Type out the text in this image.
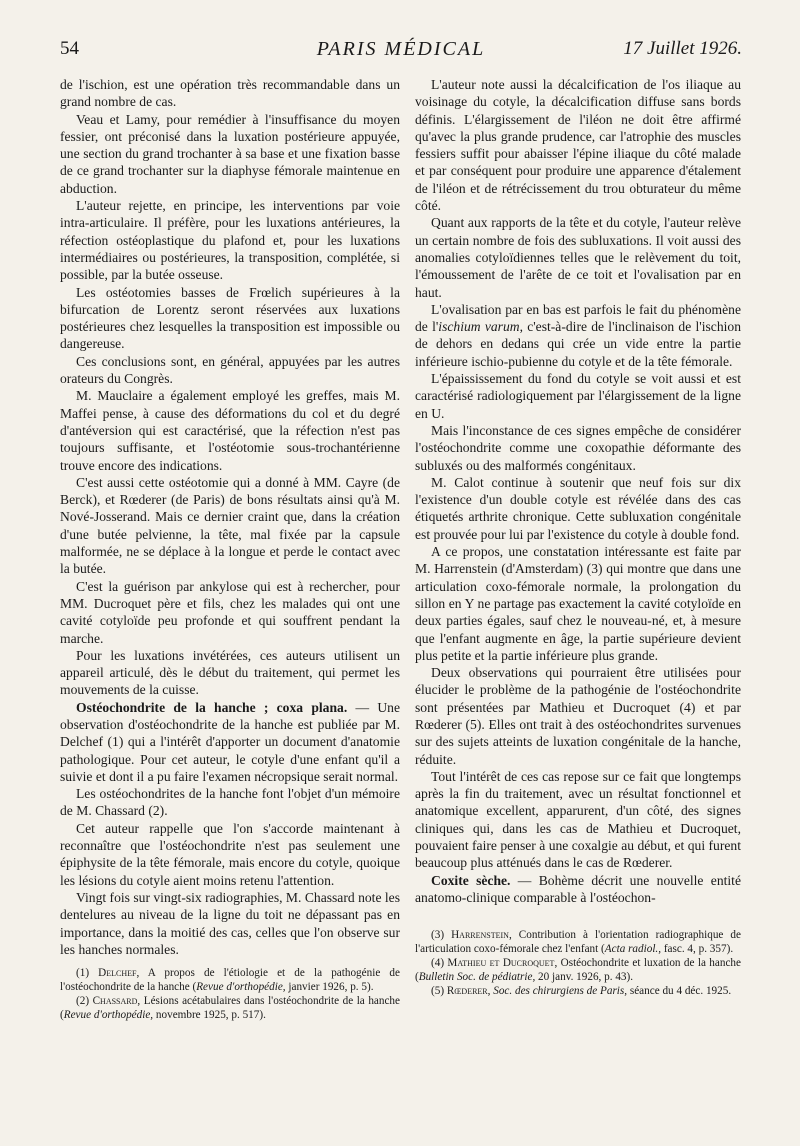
54	PARIS MÉDICAL	17 Juillet 1926.

de l'ischion, est une opération très recommandable dans un grand nombre de cas.

Veau et Lamy, pour remédier à l'insuffisance du moyen fessier, ont préconisé dans la luxation postérieure appuyée, une section du grand trochanter à sa base et une fixation basse de ce grand trochanter sur la diaphyse fémorale maintenue en abduction.

L'auteur rejette, en principe, les interventions par voie intra-articulaire. Il préfère, pour les luxations antérieures, la réfection ostéoplastique du plafond et, pour les luxations intermédiaires ou postérieures, la transposition, complétée, si possible, par la butée osseuse.

Les ostéotomies basses de Frœlich supérieures à la bifurcation de Lorentz seront réservées aux luxations postérieures chez lesquelles la transposition est impossible ou dangereuse.

Ces conclusions sont, en général, appuyées par les autres orateurs du Congrès.

M. Mauclaire a également employé les greffes, mais M. Maffei pense, à cause des déformations du col et du degré d'antéversion qui est caractérisé, que la réfection n'est pas toujours suffisante, et l'ostéotomie sous-trochantérienne trouve encore des indications.

C'est aussi cette ostéotomie qui a donné à MM. Cayre (de Berck), et Rœderer (de Paris) de bons résultats ainsi qu'à M. Nové-Josserand. Mais ce dernier craint que, dans la création d'une butée pelvienne, la tête, mal fixée par la capsule malformée, ne se déplace à la longue et perde le contact avec la butée.

C'est la guérison par ankylose qui est à rechercher, pour MM. Ducroquet père et fils, chez les malades qui ont une cavité cotyloïde peu profonde et qui souffrent pendant la marche.

Pour les luxations invétérées, ces auteurs utilisent un appareil articulé, dès le début du traitement, qui permet les mouvements de la cuisse.

Ostéochondrite de la hanche ; coxa plana. — Une observation d'ostéochondrite de la hanche est publiée par M. Delchef (1) qui a l'intérêt d'apporter un document d'anatomie pathologique. Pour cet auteur, le cotyle d'une enfant qu'il a suivie et dont il a pu faire l'examen nécropsique serait normal.

Les ostéochondrites de la hanche font l'objet d'un mémoire de M. Chassard (2).

Cet auteur rappelle que l'on s'accorde maintenant à reconnaître que l'ostéochondrite n'est pas seulement une épiphysite de la tête fémorale, mais encore du cotyle, quoique les lésions du cotyle aient moins retenu l'attention.

Vingt fois sur vingt-six radiographies, M. Chassard note les dentelures au niveau de la ligne du toit ne dépassant pas en importance, dans la moitié des cas, celles que l'on observe sur les hanches normales.

(1) Delchef, A propos de l'étiologie et de la pathogénie de l'ostéochondrite de la hanche (Revue d'orthopédie, janvier 1926, p. 5).

(2) Chassard, Lésions acétabulaires dans l'ostéochondrite de la hanche (Revue d'orthopédie, novembre 1925, p. 517).

L'auteur note aussi la décalcification de l'os iliaque au voisinage du cotyle, la décalcification diffuse sans bords définis. L'élargissement de l'iléon ne doit être affirmé qu'avec la plus grande prudence, car l'atrophie des muscles fessiers suffit pour abaisser l'épine iliaque du côté malade et par conséquent pour produire une apparence d'étalement de l'iléon et de rétrécissement du trou obturateur du même côté.

Quant aux rapports de la tête et du cotyle, l'auteur relève un certain nombre de fois des subluxations. Il voit aussi des anomalies cotyloïdiennes telles que le relèvement du toit, l'émoussement de l'arête de ce toit et l'ovalisation par en haut.

L'ovalisation par en bas est parfois le fait du phénomène de l'ischium varum, c'est-à-dire de l'inclinaison de l'ischion de dehors en dedans qui crée un vide entre la partie inférieure ischio-pubienne du cotyle et de la tête fémorale.

L'épaississement du fond du cotyle se voit aussi et est caractérisé radiologiquement par l'élargissement de la ligne en U.

Mais l'inconstance de ces signes empêche de considérer l'ostéochondrite comme une coxopathie déformante des subluxés ou des malformés congénitaux.

M. Calot continue à soutenir que neuf fois sur dix l'existence d'un double cotyle est révélée dans des cas étiquetés arthrite chronique. Cette subluxation congénitale est prouvée pour lui par l'existence du cotyle à double fond.

A ce propos, une constatation intéressante est faite par M. Harrenstein (d'Amsterdam) (3) qui montre que dans une articulation coxo-fémorale normale, la prolongation du sillon en Y ne partage pas exactement la cavité cotyloïde en deux parties égales, sauf chez le nouveau-né, et, à mesure que l'enfant augmente en âge, la partie supérieure devient plus petite et la partie inférieure plus grande.

Deux observations qui pourraient être utilisées pour élucider le problème de la pathogénie de l'ostéochondrite sont présentées par Mathieu et Ducroquet (4) et par Rœderer (5). Elles ont trait à des ostéochondrites survenues sur des sujets atteints de luxation congénitale de la hanche, réduite.

Tout l'intérêt de ces cas repose sur ce fait que longtemps après la fin du traitement, avec un résultat fonctionnel et anatomique excellent, apparurent, d'un côté, des signes cliniques qui, dans les cas de Mathieu et Ducroquet, pouvaient faire penser à une coxalgie au début, et qui furent beaucoup plus atténués dans le cas de Rœderer.

Coxite sèche. — Bohème décrit une nouvelle entité anatomo-clinique comparable à l'ostéochon-

(3) Harrenstein, Contribution à l'orientation radiographique de l'articulation coxo-fémorale chez l'enfant (Acta radiol., fasc. 4, p. 357).

(4) Mathieu et Ducroquet, Ostéochondrite et luxation de la hanche (Bulletin Soc. de pédiatrie, 20 janv. 1926, p. 43).

(5) Rœderer, Soc. des chirurgiens de Paris, séance du 4 déc. 1925.
